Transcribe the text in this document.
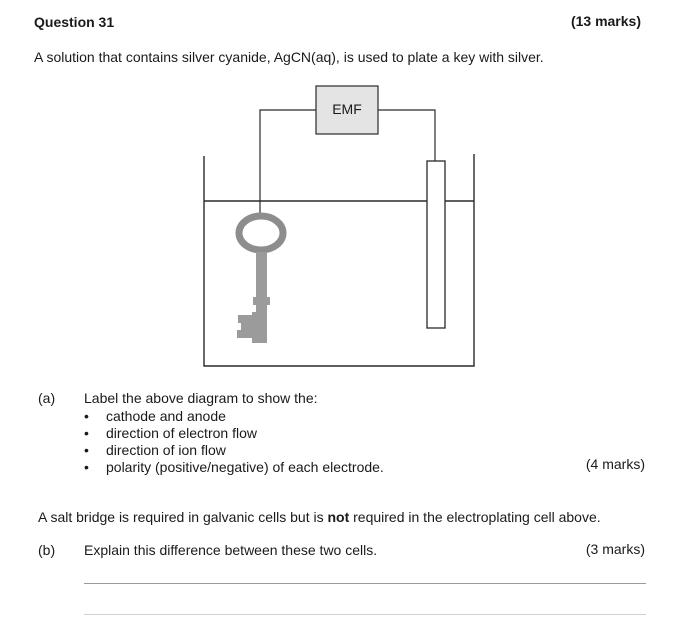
Question 31	(13 marks)
A solution that contains silver cyanide, AgCN(aq), is used to plate a key with silver.
EMF
(a) Label the above diagram to show the:
• cathode and anode
• direction of electron flow
• direction of ion flow
• polarity (positive/negative) of each electrode.	(4 marks)
A salt bridge is required in galvanic cells but is not required in the electroplating cell above.
(b) Explain this difference between these two cells.	(3 marks)
